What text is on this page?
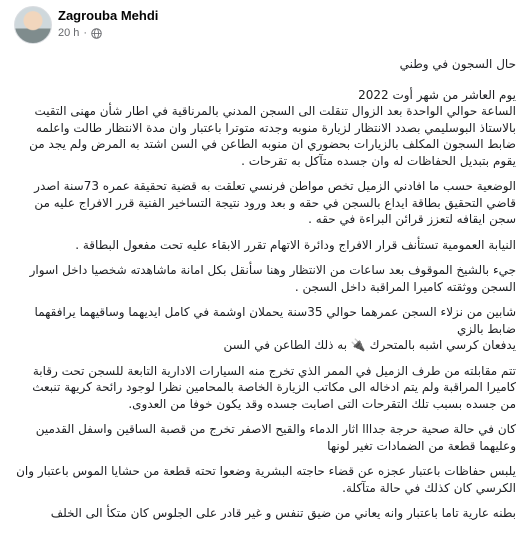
Zagrouba Mehdi
20 h ·

حال السجون في وطني

يوم العاشر من شهر أوت 2022
الساعة حوالي الواحدة بعد الزوال تنقلت الى السجن المدني بالمرناقية في اطار شأن مهنى التقيت بالاستاذ البوسليمي بصدد الانتظار لزيارة منوبه وجدته متوترا باعتبار وان مدة الانتظار طالت واعلمه ضابط السجون المكلف بالزيارات بحضوري ان منوبه الطاعن في السن اشتد به المرض ولم يجد من يقوم بتبديل الحفاظات له وان جسده متآكل به تقرحات .

الوضعية حسب ما افادني الزميل تخص مواطن فرنسي تعلقت به قضية تحقيقة عمره 73سنة اصدر قاضي التحقيق بطاقة ايداع بالسجن في حقه و بعد ورود نتيجة التساخير الفنية قرر الافراج عليه من سجن ايقافه لتعزز قرائن البراءة في حقه .

النيابة العمومية تستأنف قرار الافراج ودائرة الاتهام تقرر الابقاء عليه تحت مفعول البطاقة .

جيء بالشيخ الموقوف بعد ساعات من الانتظار وهنا سأنقل بكل امانة ماشاهدته شخصيا داخل اسوار السجن ووثقته كاميرا المراقبة داخل السجن .

شابين من نزلاء السجن عمرهما حوالي 35سنة يحملان اوشمة في كامل ايديهما وساقيهما يرافقهما ضابط بالزي
يدفعان كرسي اشبه بالمتحرك 🔌 به ذلك الطاعن في السن

تتم مقابلته من طرف الزميل في الممر الذي تخرج منه السيارات الادارية التابعة للسجن تحت رقابة كاميرا المراقبة ولم يتم ادخاله الى مكاتب الزيارة الخاصة بالمحامين نظرا لوجود رائحة كريهة تنبعث من جسده بسبب تلك التقرحات التى اصابت جسده وقد يكون خوفا من العدوى.

كان في حالة صحية حرجة جدااا اثار الدماء والقيح الاصفر تخرج من قصبة الساقين واسفل القدمين وعليهما قطعة من الضمادات تغير لونها

يلبس حفاظات باعتبار عجزه عن قضاء حاجته البشرية وضعوا تحته قطعة من حشايا الموس باعتبار وان الكرسي كان كذلك في حالة متآكلة.

بطنه عارية تاما باعتبار وانه يعاني من ضيق تنفس و غير قادر على الجلوس كان متكأ الى الخلف
